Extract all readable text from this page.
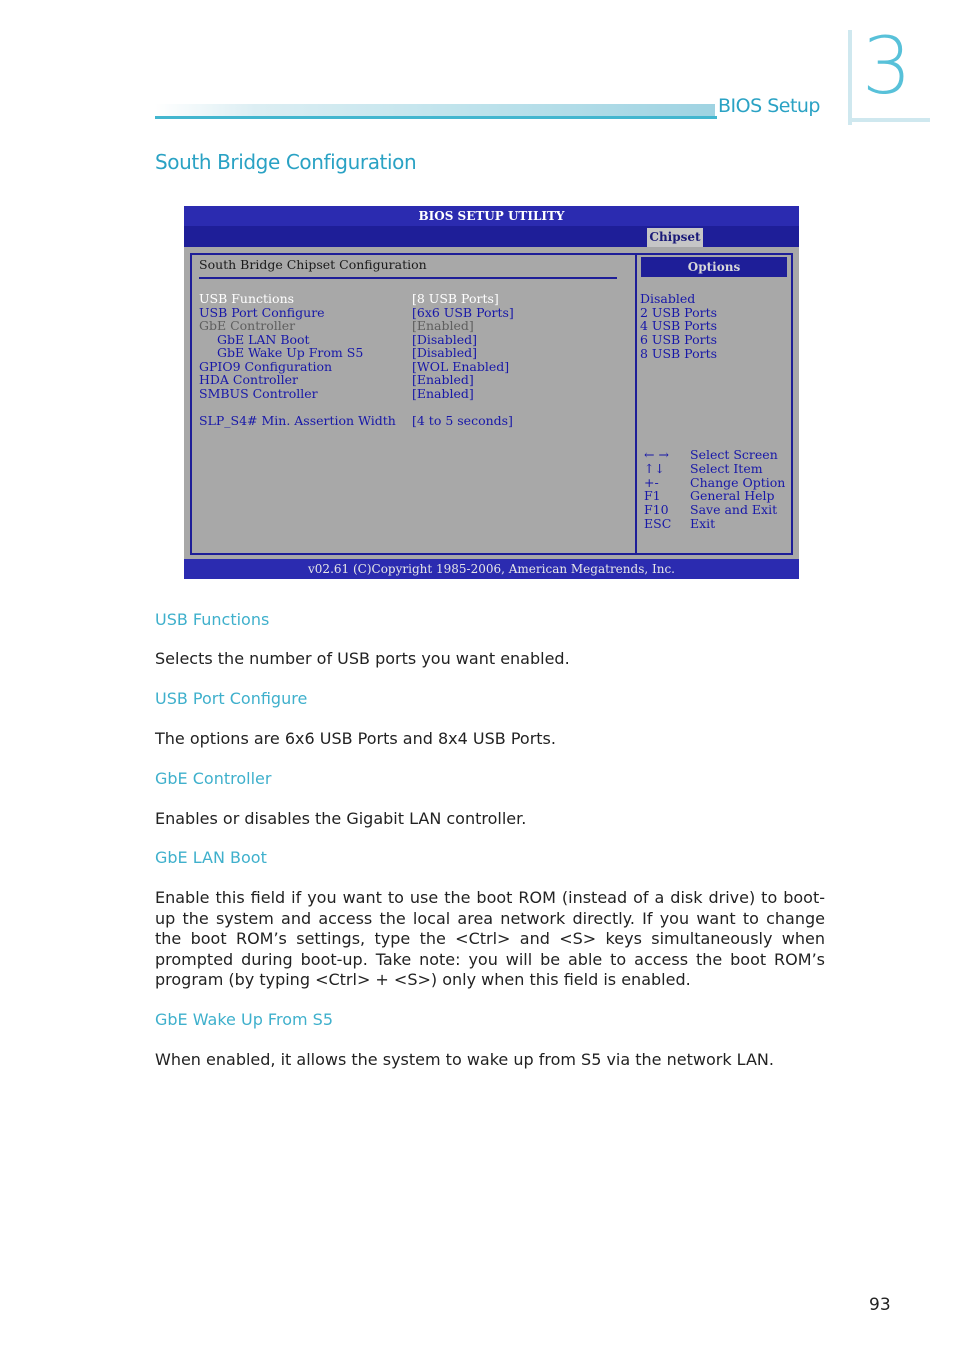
BIOS Setup 3
South Bridge Configuration
BIOS SETUP UTILITY
Chipset
South Bridge Chipset Configuration
USB Functions	[8 USB Ports]
USB Port Configure	[6x6 USB Ports]
GbE Controller	[Enabled]
GbE LAN Boot	[Disabled]
GbE Wake Up From S5	[Disabled]
GPIO9 Configuration	[WOL Enabled]
HDA Controller	[Enabled]
SMBUS Controller	[Enabled]
SLP_S4# Min. Assertion Width [4 to 5 seconds]
Options
Disabled
2 USB Ports
4 USB Ports
6 USB Ports
8 USB Ports
← → Select Screen
↑↓ Select Item
+-	Change Option
F1 General Help
F10 Save and Exit
ESC Exit
v02.61 (C)Copyright 1985-2006, American Megatrends, Inc.
USB Functions
Selects the number of USB ports you want enabled.
USB Port Configure
The options are 6x6 USB Ports and 8x4 USB Ports.
GbE Controller
Enables or disables the Gigabit LAN controller.
GbE LAN Boot
Enable this field if you want to use the boot ROM (instead of a disk drive) to boot-up the system and access the local area network directly. If you want to change the boot ROM’s settings, type the <Ctrl> and <S> keys simultaneously when prompted during boot-up. Take note: you will be able to access the boot ROM’s program (by typing <Ctrl> + <S>) only when this field is enabled.
GbE Wake Up From S5
When enabled, it allows the system to wake up from S5 via the network LAN.
93
